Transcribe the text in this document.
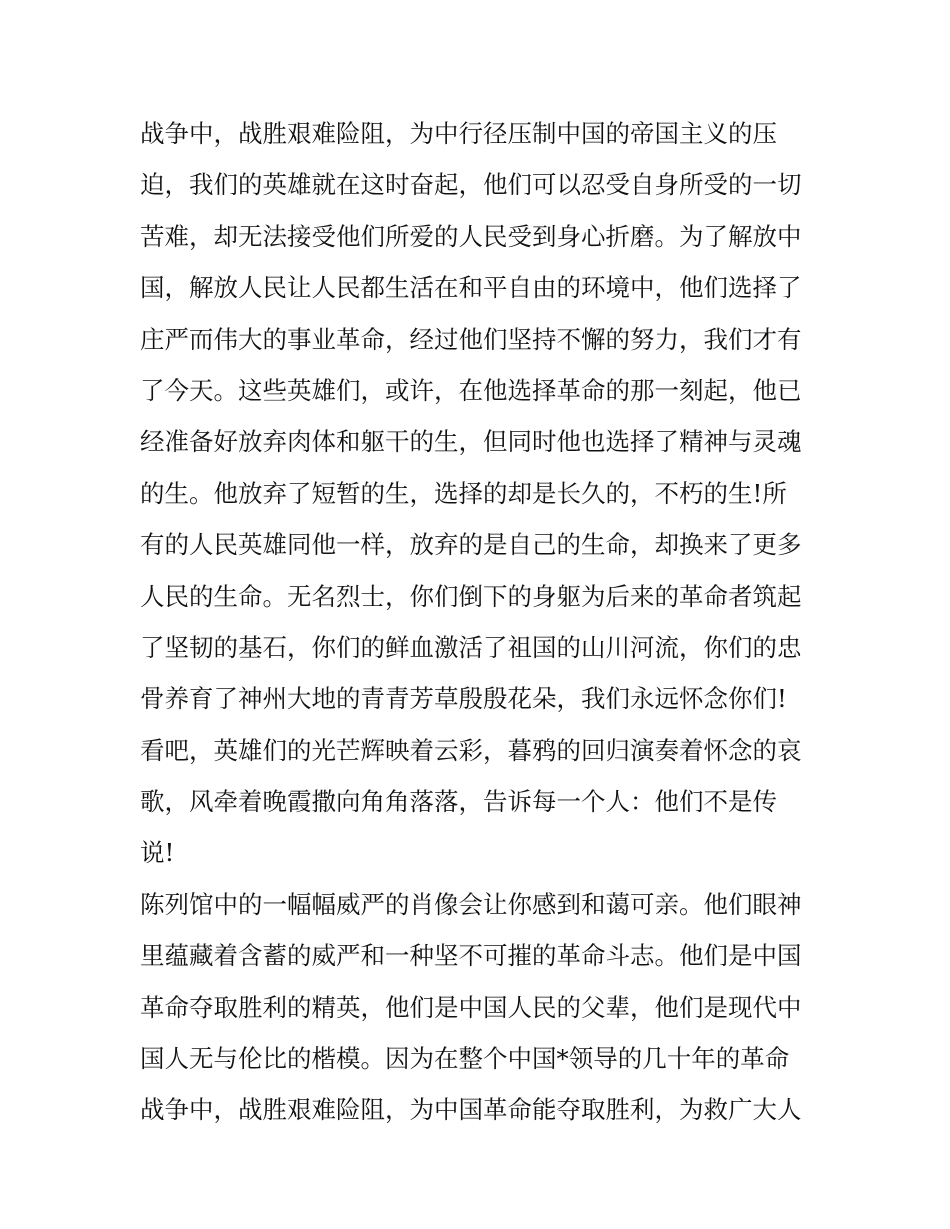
战争中，战胜艰难险阻，为中行径压制中国的帝国主义的压
迫，我们的英雄就在这时奋起，他们可以忍受自身所受的一切
苦难，却无法接受他们所爱的人民受到身心折磨。为了解放中
国，解放人民让人民都生活在和平自由的环境中，他们选择了
庄严而伟大的事业革命，经过他们坚持不懈的努力，我们才有
了今天。这些英雄们，或许，在他选择革命的那一刻起，他已
经准备好放弃肉体和躯干的生，但同时他也选择了精神与灵魂
的生。他放弃了短暂的生，选择的却是长久的，不朽的生!所
有的人民英雄同他一样，放弃的是自己的生命，却换来了更多
人民的生命。无名烈士，你们倒下的身躯为后来的革命者筑起
了坚韧的基石，你们的鲜血激活了祖国的山川河流，你们的忠
骨养育了神州大地的青青芳草殷殷花朵，我们永远怀念你们!
看吧，英雄们的光芒辉映着云彩，暮鸦的回归演奏着怀念的哀
歌，风牵着晚霞撒向角角落落，告诉每一个人：他们不是传
说!
陈列馆中的一幅幅威严的肖像会让你感到和蔼可亲。他们眼神
里蕴藏着含蓄的威严和一种坚不可摧的革命斗志。他们是中国
革命夺取胜利的精英，他们是中国人民的父辈，他们是现代中
国人无与伦比的楷模。因为在整个中国*领导的几十年的革命
战争中，战胜艰难险阻，为中国革命能夺取胜利，为救广大人
